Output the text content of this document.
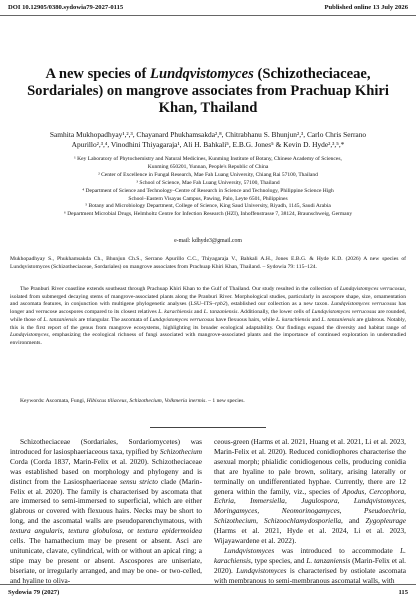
DOI 10.12905/0380.sydowia79-2027-0115	Published online 13 July 2026
A new species of Lundqvistomyces (Schizotheciaceae, Sordariales) on mangrove associates from Prachuap Khiri Khan, Thailand
Samhita Mukhopadhyay¹,²,³, Chayanard Phukhamsakda²,⁸, Chitrabhanu S. Bhunjun²,³, Carlo Chris Serrano
Apurillo²,³,⁴, Vinodhini Thiyagaraja¹, Ali H. Bahkali⁵, E.B.G. Jones⁵ & Kevin D. Hyde²,³,⁵,*
¹ Key Laboratory of Phytochemistry and Natural Medicines, Kunming Institute of Botany, Chinese Academy of Sciences,
Kunming 650201, Yunnan, People's Republic of China
² Center of Excellence in Fungal Research, Mae Fah Luang University, Chiang Rai 57100, Thailand
³ School of Science, Mae Fah Luang University, 57100, Thailand
⁴ Department of Science and Technology–Centre of Research in Science and Technology, Philippine Science High
School–Eastern Visayas Campus, Pawing, Palo, Leyte 6501, Philippines
⁵ Botany and Microbiology Department, College of Science, King Saud University, Riyadh, 1145, Saudi Arabia
⁶ Department Microbial Drugs, Helmholtz Centre for Infection Research (HZI), Inhoffenstrasse 7, 38124, Braunschweig, Germany
e-mail: kdhyde3@gmail.com
Mukhopadhyay S., Phukhamsakda Ch., Bhunjun Ch.S., Serrano Apurillo C.C., Thiyagaraja V., Bahkali A.H., Jones E.B.G. & Hyde K.D. (2026) A new species of Lundqvistomyces (Schizotheciaceae, Sordariales) on mangrove associates from Prachuap Khiri Khan, Thailand. – Sydowia 79: 115–124.
The Pranburi River coastline extends southeast through Prachuap Khiri Khan to the Gulf of Thailand. Our study resulted in the collection of Lundqvistomyces verrucosus, isolated from submerged decaying stems of mangrove-associated plants along the Pranburi River. Morphological studies, particularly in ascospore shape, size, ornamentation and ascomata features, in conjunction with multigene phylogenetic analyses (LSU–ITS–rpb2), established our collection as a new taxon. Lundqvistomyces verrucosus has longer and verrucose ascospores compared to its closest relatives L. karachiensis and L. tanzaniensis. Additionally, the lower cells of Lundqvistomyces verrucosus are rounded, while those of L. tanzaniensis are triangular. The ascomata of Lundqvistomyces verrucosus have flexuous hairs, while L. karachiensis and L. tanzaniensis are glabrous. Notably, this is the first report of the genus from mangrove ecosystems, highlighting its broader ecological adaptability. Our findings expand the diversity and habitat range of Lundqvistomyces, emphasizing the ecological richness of fungi associated with mangrove-associated plants and the importance of continued exploration in understudied environments.
Keywords: Ascomata, Fungi, Hibiscus tiliaceus, Schizothecium, Volkmeria inermis. – 1 new species.

Schizotheciaceae (Sordariales, Sordariomycetes) was introduced for lasiosphaeriaceous taxa, typified by Schizothecium Corda (Corda 1837, Marin-Felix et al. 2020). Schizotheciaceae was established based on morphology and phylogeny and is distinct from the Lasiosphaeriaceae sensu stricto clade (Marin-Felix et al. 2020). The family is characterised by ascomata that are immersed to semi-immersed to superficial, which are either glabrous or covered with flexuous hairs. Necks may be short to long, and the ascomatal walls are pseudoparenchymatous, with textura angularis, textura globulosa, or textura epidermoidea cells. The hamathecium may be present or absent. Asci are unitunicate, clavate, cylindrical, with or without an apical ring; a stipe may be present or absent. Ascospores are uniseriate, biseriate, or irregularly arranged, and may be one- or two-celled, and hyaline to oliva-

ceous-green (Harms et al. 2021, Huang et al. 2021, Li et al. 2023, Marin-Felix et al. 2020). Reduced conidiophores characterise the asexual morph; phialidic conidiogenous cells, producing conidia that are hyaline to pale brown, solitary, arising laterally or terminally on undifferentiated hyphae. Currently, there are 12 genera within the family, viz., species of Apodus, Cercophora, Echria, Immersiella, Jugulospora, Lundqvistomyces, Moringamyces, Neomorinogamyces, Pseudoechria, Schizothecium, Schizoochlamydosporiella, and Zygopleurage (Harms et al. 2021, Hyde et al. 2024, Li et al. 2023, Wijayawardene et al. 2022).

Lundqvistomyces was introduced to accommodate L. karachiensis, type species, and L. tanzaniensis (Marin-Felix et al. 2020). Lundqvistomyces is characterised by ostiolate ascomata with membranous to semi-membranous ascomatal walls, with

Sydowia 79 (2027)	115
